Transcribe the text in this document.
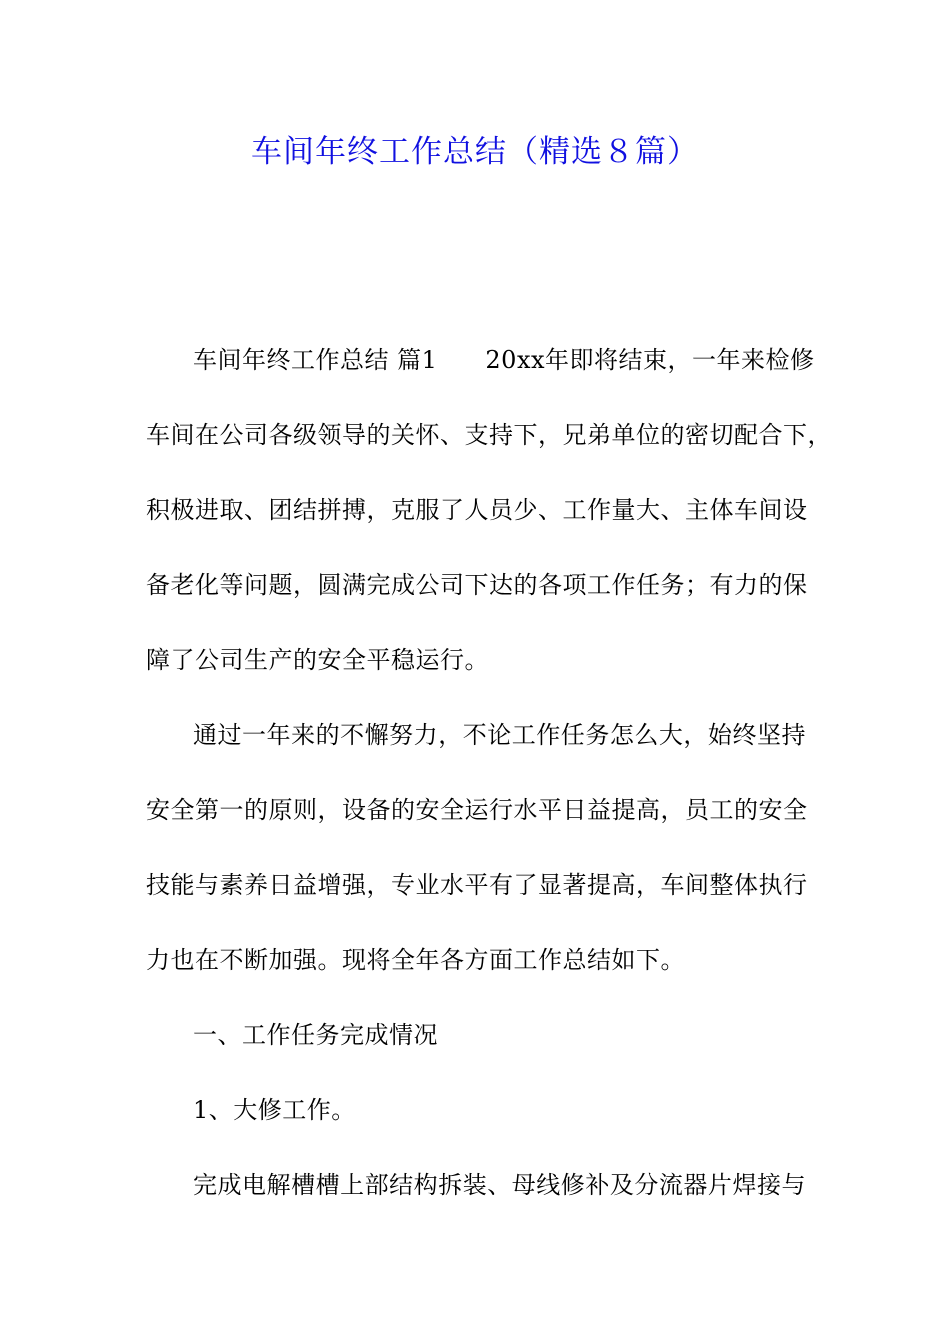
车间年终工作总结（精选８篇）
车间年终工作总结 篇1 20xx年即将结束，一年来检修
车间在公司各级领导的关怀、支持下，兄弟单位的密切配合下，
积极进取、团结拼搏，克服了人员少、工作量大、主体车间设
备老化等问题，圆满完成公司下达的各项工作任务；有力的保
障了公司生产的安全平稳运行。
通过一年来的不懈努力，不论工作任务怎么大，始终坚持
安全第一的原则，设备的安全运行水平日益提高，员工的安全
技能与素养日益增强，专业水平有了显著提高，车间整体执行
力也在不断加强。现将全年各方面工作总结如下。
一、工作任务完成情况
1、大修工作。
完成电解槽槽上部结构拆装、母线修补及分流器片焊接与
